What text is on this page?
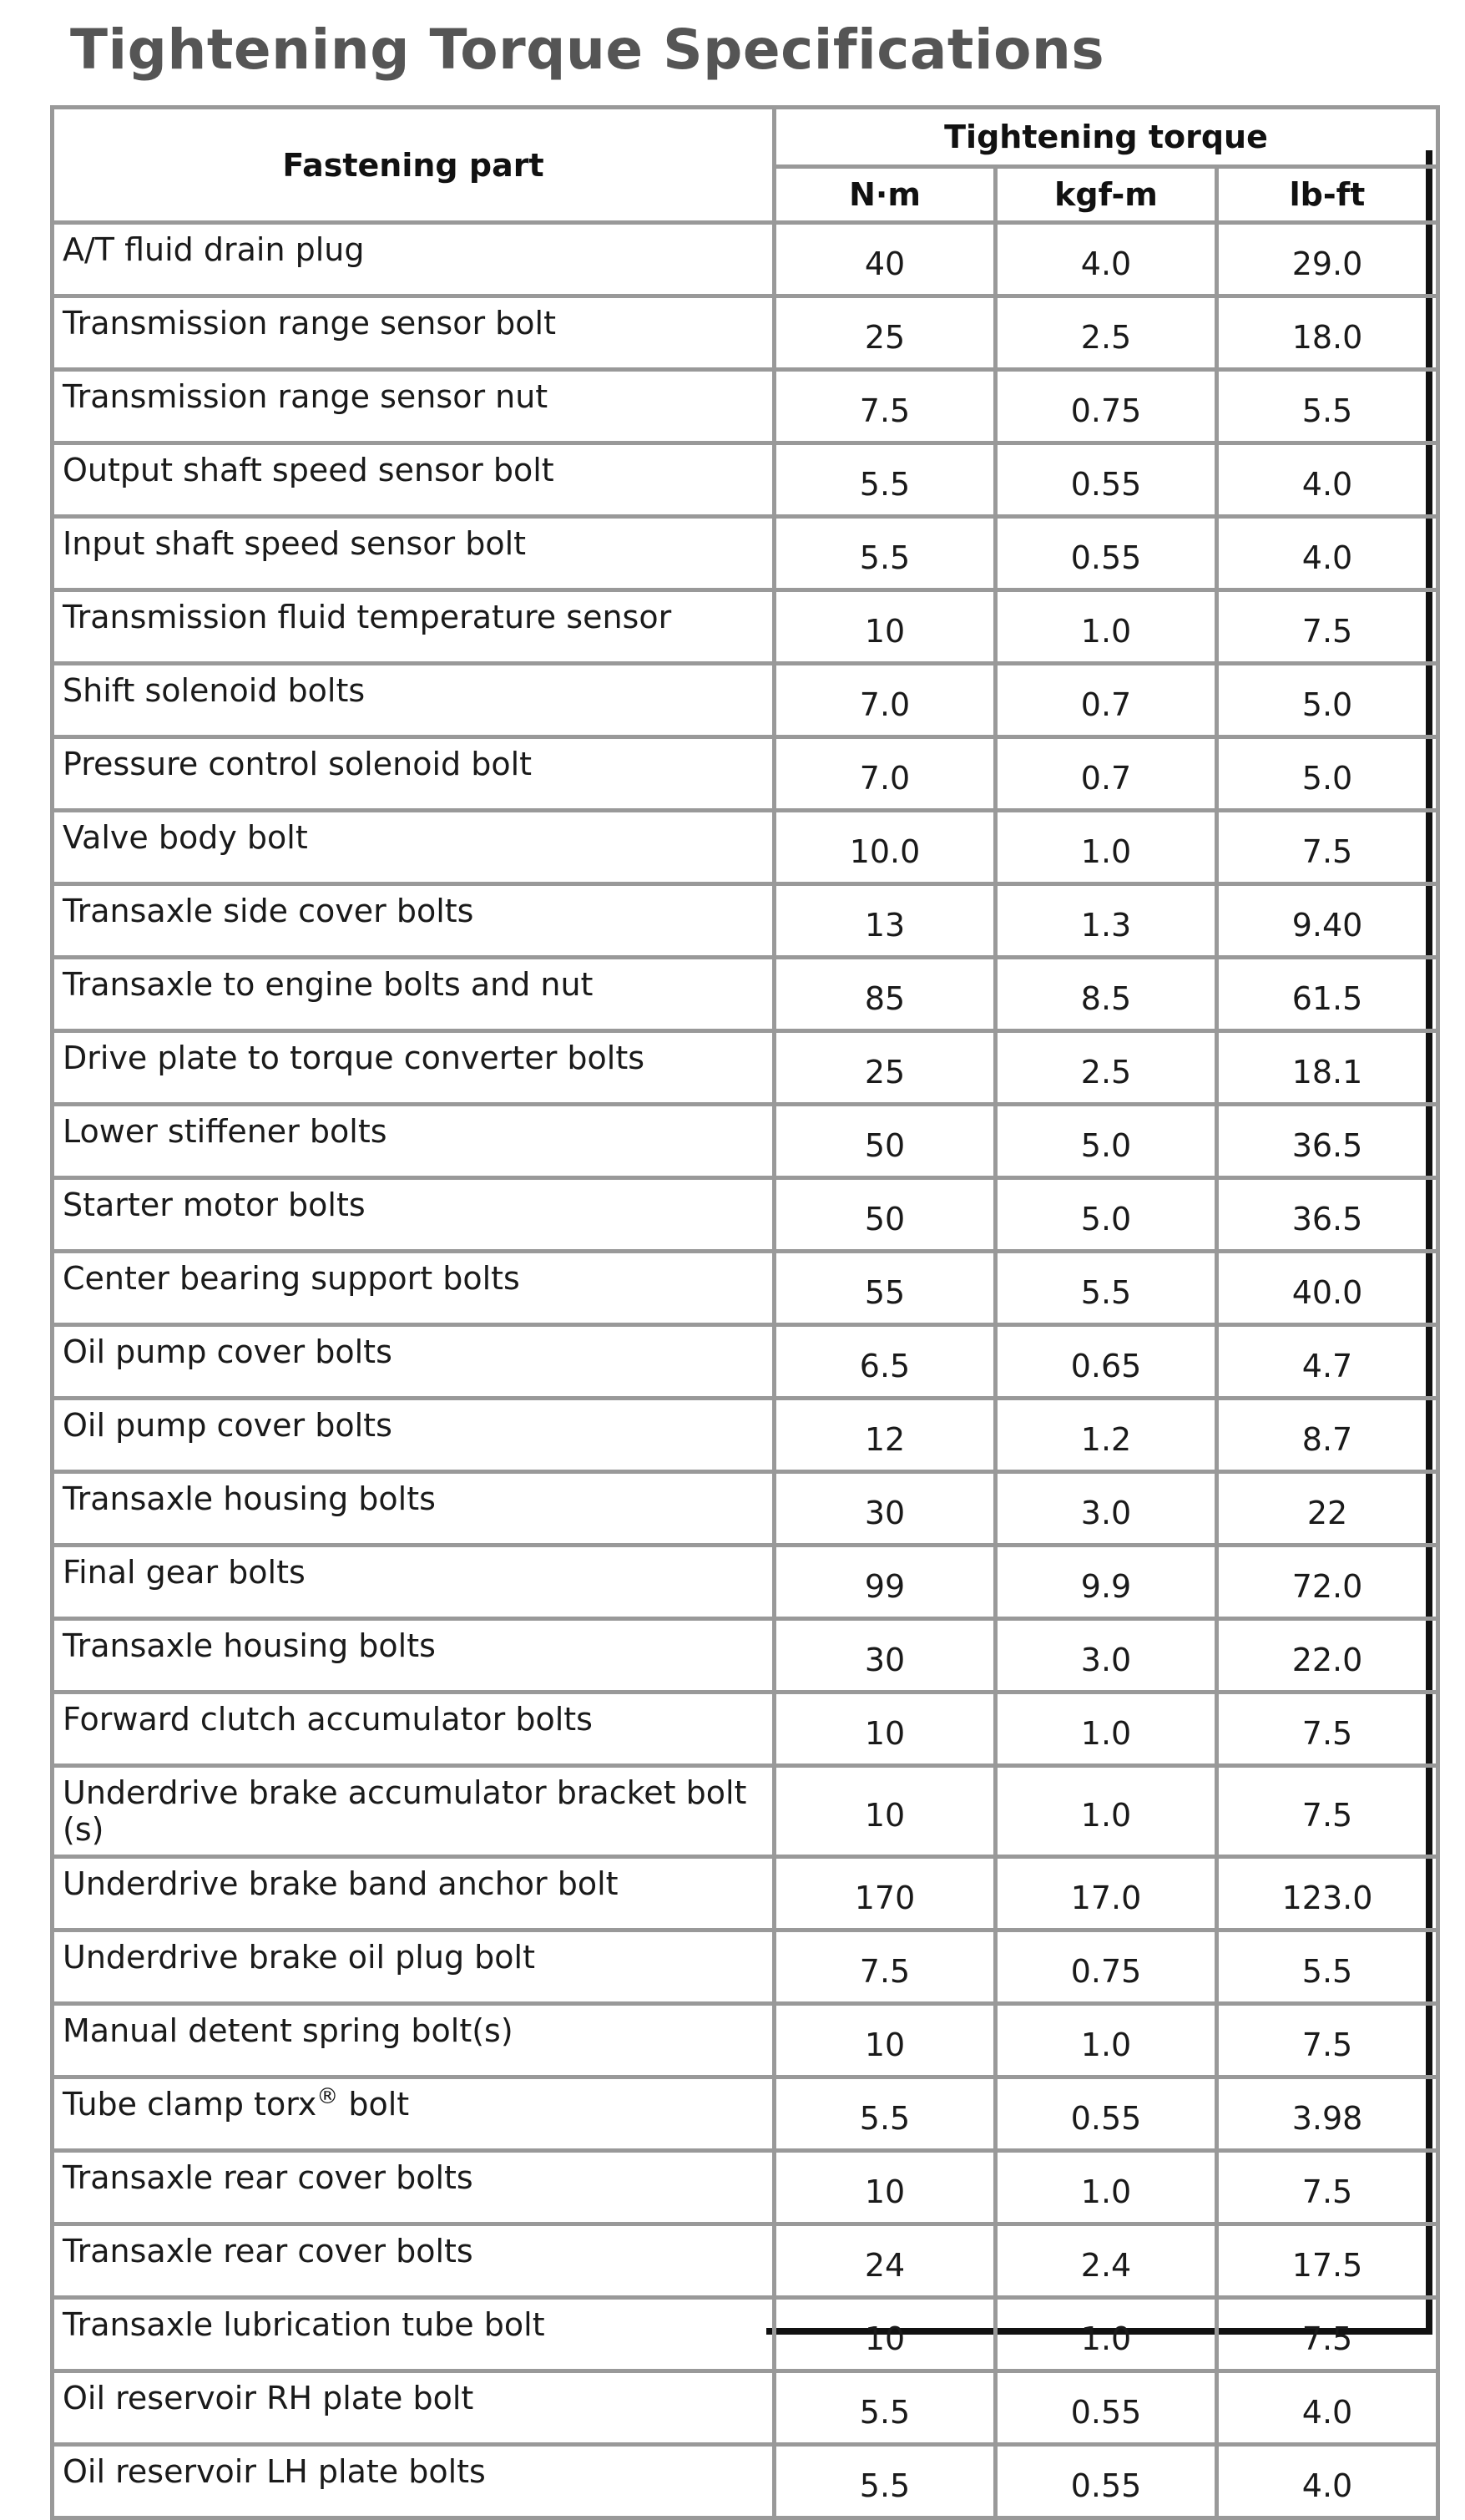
Tightening Torque Specifications
Fastening part	Tightening torque		
	N·m	kgf-m	lb-ft
A/T fluid drain plug	40	4.0	29.0
Transmission range sensor bolt	25	2.5	18.0
Transmission range sensor nut	7.5	0.75	5.5
Output shaft speed sensor bolt	5.5	0.55	4.0
Input shaft speed sensor bolt	5.5	0.55	4.0
Transmission fluid temperature sensor	10	1.0	7.5
Shift solenoid bolts	7.0	0.7	5.0
Pressure control solenoid bolt	7.0	0.7	5.0
Valve body bolt	10.0	1.0	7.5
Transaxle side cover bolts	13	1.3	9.40
Transaxle to engine bolts and nut	85	8.5	61.5
Drive plate to torque converter bolts	25	2.5	18.1
Lower stiffener bolts	50	5.0	36.5
Starter motor bolts	50	5.0	36.5
Center bearing support bolts	55	5.5	40.0
Oil pump cover bolts	6.5	0.65	4.7
Oil pump cover bolts	12	1.2	8.7
Transaxle housing bolts	30	3.0	22
Final gear bolts	99	9.9	72.0
Transaxle housing bolts	30	3.0	22.0
Forward clutch accumulator bolts	10	1.0	7.5
Underdrive brake accumulator bracket bolt (s)	10	1.0	7.5
Underdrive brake band anchor bolt	170	17.0	123.0
Underdrive brake oil plug bolt	7.5	0.75	5.5
Manual detent spring bolt(s)	10	1.0	7.5
Tube clamp torx® bolt	5.5	0.55	3.98
Transaxle rear cover bolts	10	1.0	7.5
Transaxle rear cover bolts	24	2.4	17.5
Transaxle lubrication tube bolt	10	1.0	7.5
Oil reservoir RH plate bolt	5.5	0.55	4.0
Oil reservoir LH plate bolts	5.5	0.55	4.0
